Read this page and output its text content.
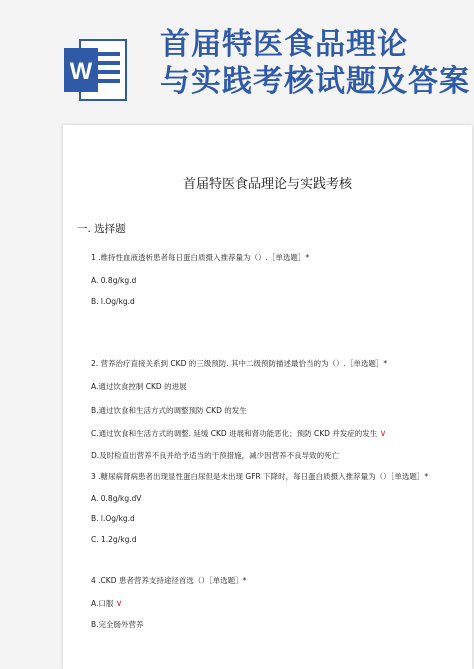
W
首届特医食品理论
与实践考核试题及答案
首届特医食品理论与实践考核
一. 选择题
1 .维持性血液透析患者每日蛋白质摄入推荐量为（）.［单选题］*
A. 0.8g/kg.d
B. l.Og/kg.d
2. 营养治疗直接关系到 CKD 的三级预防. 其中二级预防描述最恰当的为（）.［单选题］*
A.通过饮食控制 CKD 的进展
B.通过饮食和生活方式的调整预防 CKD 的发生
C.通过饮食和生活方式的调整. 延缓 CKD 进展和肾功能恶化；预防 CKD 并发症的发生 ∨
D.及时检直出营养不良并给予适当的干预措施，减少因营养不良导致的死亡
3 .糖尿病肾病患者出现显性蛋白尿但是未出现 GFR 下降时，每日蛋白质摄入推荐量为（）［单选题］*
A. 0.8g/kg.dV
B. l.Og/kg.d
C. 1.2g/kg.d
4 .CKD 患者营养支持途径首选（）［单选题］*
A.口服 ∨
B.完全肠外营养
